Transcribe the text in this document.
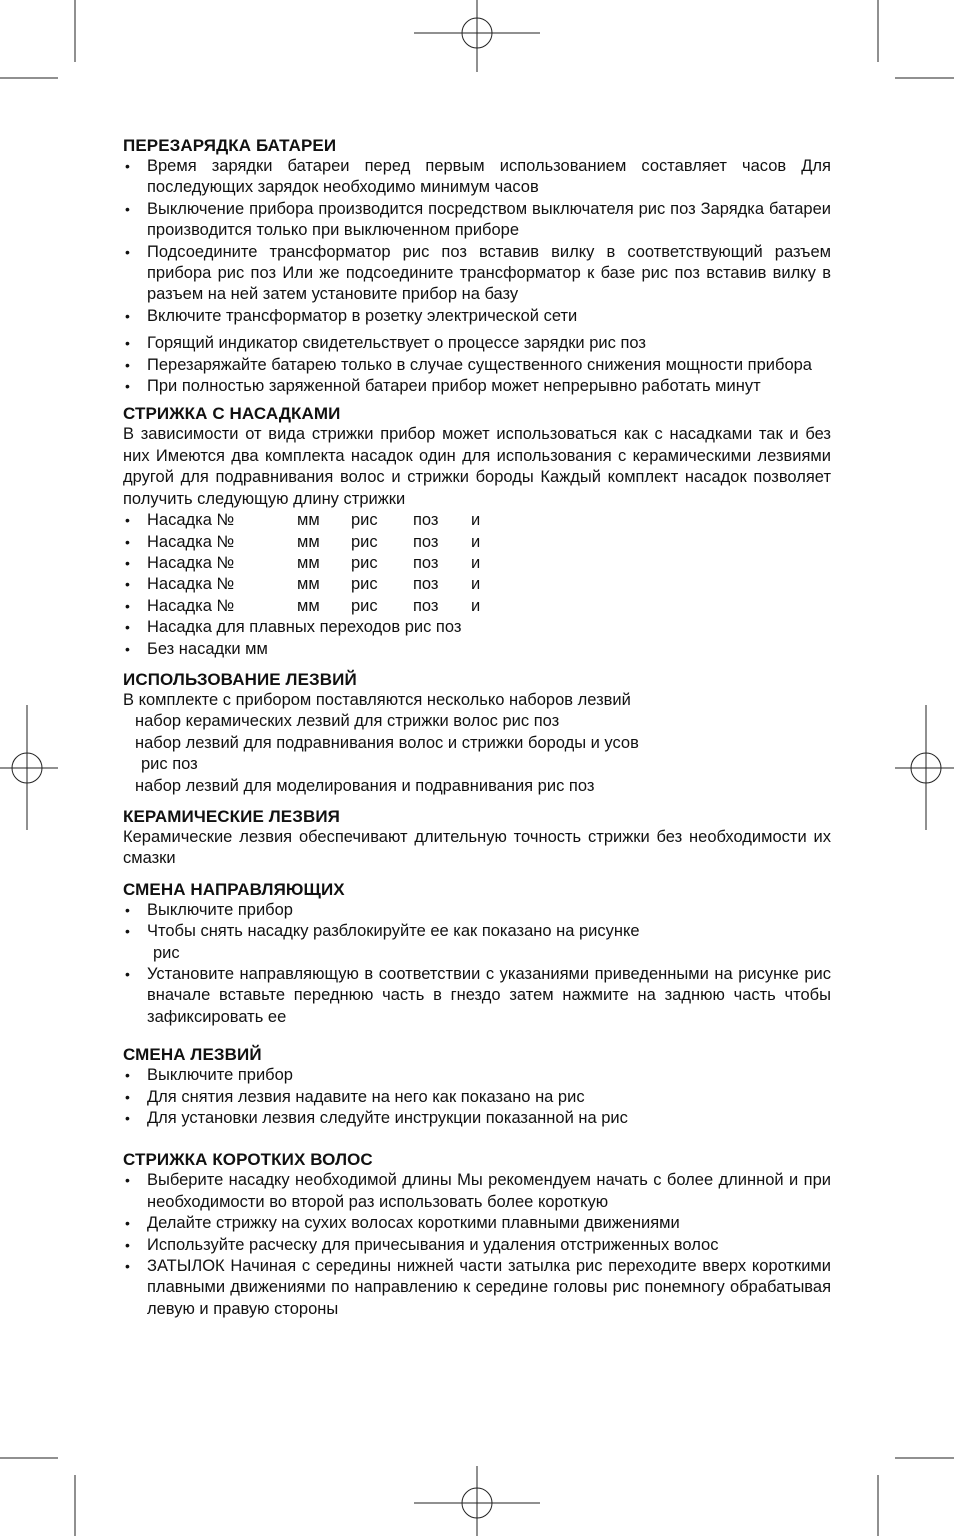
ПЕРЕЗАРЯДКА БАТАРЕИ
• Время зарядки батареи перед первым использованием составляет часов Для последующих зарядок необходимо минимум часов
• Выключение прибора производится посредством выключателя рис поз Зарядка батареи производится только при выключенном приборе
• Подсоедините трансформатор рис поз вставив вилку в соответствующий разъем прибора рис поз Или же подсоедините трансформатор к базе рис поз вставив вилку в разъем на ней затем установите прибор на базу
• Включите трансформатор в розетку электрической сети
• Горящий индикатор свидетельствует о процессе зарядки рис поз
• Перезаряжайте батарею только в случае существенного снижения мощности прибора
• При полностью заряженной батареи прибор может непрерывно работать минут
СТРИЖКА С НАСАДКАМИ

В зависимости от вида стрижки прибор может использоваться как с насадками так и без них Имеются два комплекта насадок один для использования с керамическими лезвиями другой для подравнивания волос и стрижки бороды Каждый комплект насадок позволяет получить следующую длину стрижки

• Насадка №	мм	рис	поз	и
• Насадка №	мм	рис	поз	и
• Насадка №	мм	рис	поз	и
• Насадка №	мм	рис	поз	и
• Насадка №	мм	рис	поз	и
• Насадка для плавных переходов рис поз
• Без насадки мм
ИСПОЛЬЗОВАНИЕ ЛЕЗВИЙ

В комплекте с прибором поставляются несколько наборов лезвий

набор керамических лезвий для стрижки волос рис поз
набор лезвий для подравнивания волос и стрижки бороды и усов
рис поз
набор лезвий для моделирования и подравнивания рис поз
КЕРАМИЧЕСКИЕ ЛЕЗВИЯ

Керамические лезвия обеспечивают длительную точность стрижки без необходимости их смазки

СМЕНА НАПРАВЛЯЮЩИХ
• Выключите прибор
• Чтобы снять насадку разблокируйте ее как показано на рисунке
рис
• Установите направляющую в соответствии с указаниями приведенными на рисунке рис вначале вставьте переднюю часть в гнездо затем нажмите на заднюю часть чтобы зафиксировать ее
СМЕНА ЛЕЗВИЙ
• Выключите прибор
• Для снятия лезвия надавите на него как показано на рис
• Для установки лезвия следуйте инструкции показанной на рис
СТРИЖКА КОРОТКИХ ВОЛОС
• Выберите насадку необходимой длины Мы рекомендуем начать с более длинной и при необходимости во второй раз использовать более короткую
• Делайте стрижку на сухих волосах короткими плавными движениями
• Используйте расческу для причесывания и удаления отстриженных волос
• ЗАТЫЛОК Начиная с середины нижней части затылка рис переходите вверх короткими плавными движениями по направлению к середине головы рис понемногу обрабатывая левую и правую стороны
